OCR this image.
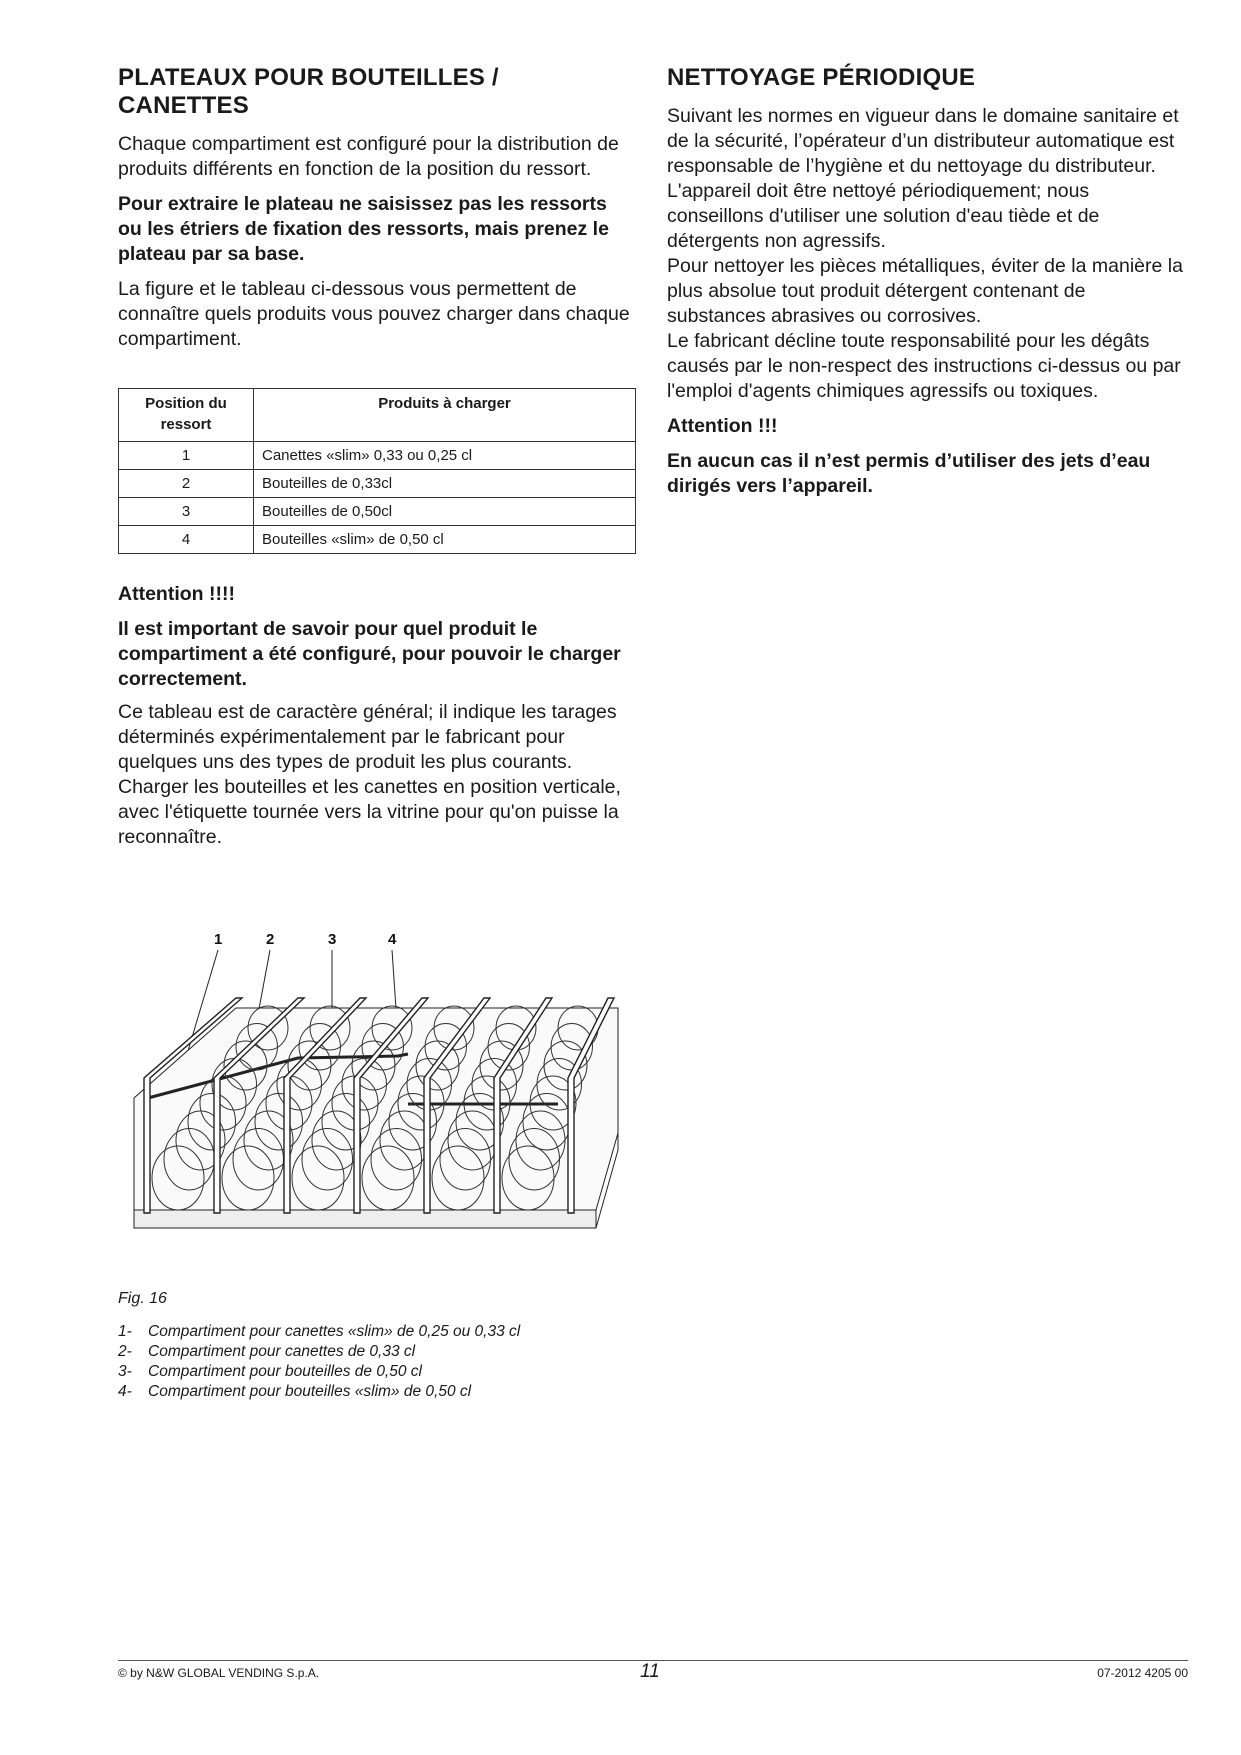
PLATEAUX POUR BOUTEILLES / CANETTES

Chaque compartiment est configuré pour la distribution de produits différents en fonction de la position du ressort.

Pour extraire le plateau ne saisissez pas les ressorts ou les étriers de fixation des ressorts, mais prenez le plateau par sa base.

La figure et le tableau ci-dessous vous permettent de connaître quels produits vous pouvez charger dans chaque compartiment.

Position du ressort	Produits à charger
1	Canettes «slim» 0,33 ou 0,25 cl
2	Bouteilles de 0,33cl
3	Bouteilles de 0,50cl
4	Bouteilles «slim» de 0,50 cl

Attention !!!!

Il est important de savoir pour quel produit le compartiment a été configuré, pour pouvoir le charger correctement.

Ce tableau est de caractère général; il indique les tarages déterminés expérimentalement par le fabricant pour quelques uns des types de produit les plus courants.

Charger les bouteilles et les canettes en position verticale, avec l'étiquette tournée vers la vitrine pour qu'on puisse la reconnaître.

1	2	3	4
Fig. 16
1-	Compartiment pour canettes «slim» de 0,25 ou 0,33 cl
2-	Compartiment pour canettes de 0,33 cl
3-	Compartiment pour bouteilles de 0,50 cl
4-	Compartiment pour bouteilles «slim» de 0,50 cl
NETTOYAGE PÉRIODIQUE

Suivant les normes en vigueur dans le domaine sanitaire et de la sécurité, l’opérateur d’un distributeur automatique est responsable de l’hygiène et du nettoyage du distributeur.

L'appareil doit être nettoyé périodiquement; nous conseillons d'utiliser une solution d'eau tiède et de détergents non agressifs.

Pour nettoyer les pièces métalliques, éviter de la manière la plus absolue tout produit détergent contenant de substances abrasives ou corrosives.

Le fabricant décline toute responsabilité pour les dégâts causés par le non-respect des instructions ci-dessus ou par l'emploi d'agents chimiques agressifs ou toxiques.

Attention !!!

En aucun cas il n’est permis d’utiliser des jets d’eau dirigés vers l’appareil.

© by N&W GLOBAL VENDING S.p.A.	11	07-2012 4205 00
